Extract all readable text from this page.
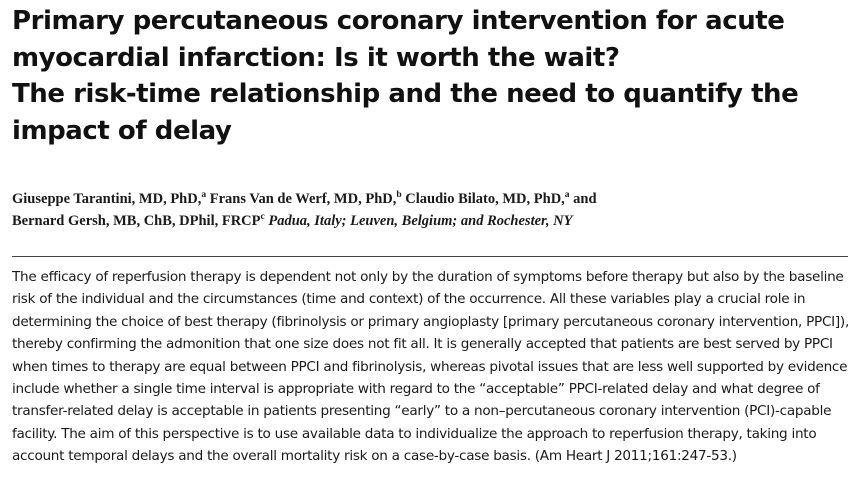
Primary percutaneous coronary intervention for acute
myocardial infarction: Is it worth the wait?
The risk-time relationship and the need to quantify the
impact of delay
Giuseppe Tarantini, MD, PhD,$^a$ Frans Van de Werf, MD, PhD,$^b$ Claudio Bilato, MD, PhD,$^a$ and
Bernard Gersh, MB, ChB, DPhil, FRCP$^c$ Padua, Italy; Leuven, Belgium; and Rochester, NY
The efficacy of reperfusion therapy is dependent not only by the duration of symptoms before therapy but also by the baseline
risk of the individual and the circumstances (time and context) of the occurrence. All these variables play a crucial role in
determining the choice of best therapy (fibrinolysis or primary angioplasty [primary percutaneous coronary intervention, PPCI]),
thereby confirming the admonition that one size does not fit all. It is generally accepted that patients are best served by PPCI
when times to therapy are equal between PPCI and fibrinolysis, whereas pivotal issues that are less well supported by evidence
include whether a single time interval is appropriate with regard to the “acceptable” PPCI-related delay and what degree of
transfer-related delay is acceptable in patients presenting “early” to a non–percutaneous coronary intervention (PCI)-capable
facility. The aim of this perspective is to use available data to individualize the approach to reperfusion therapy, taking into
account temporal delays and the overall mortality risk on a case-by-case basis. (Am Heart J 2011;161:247-53.)
